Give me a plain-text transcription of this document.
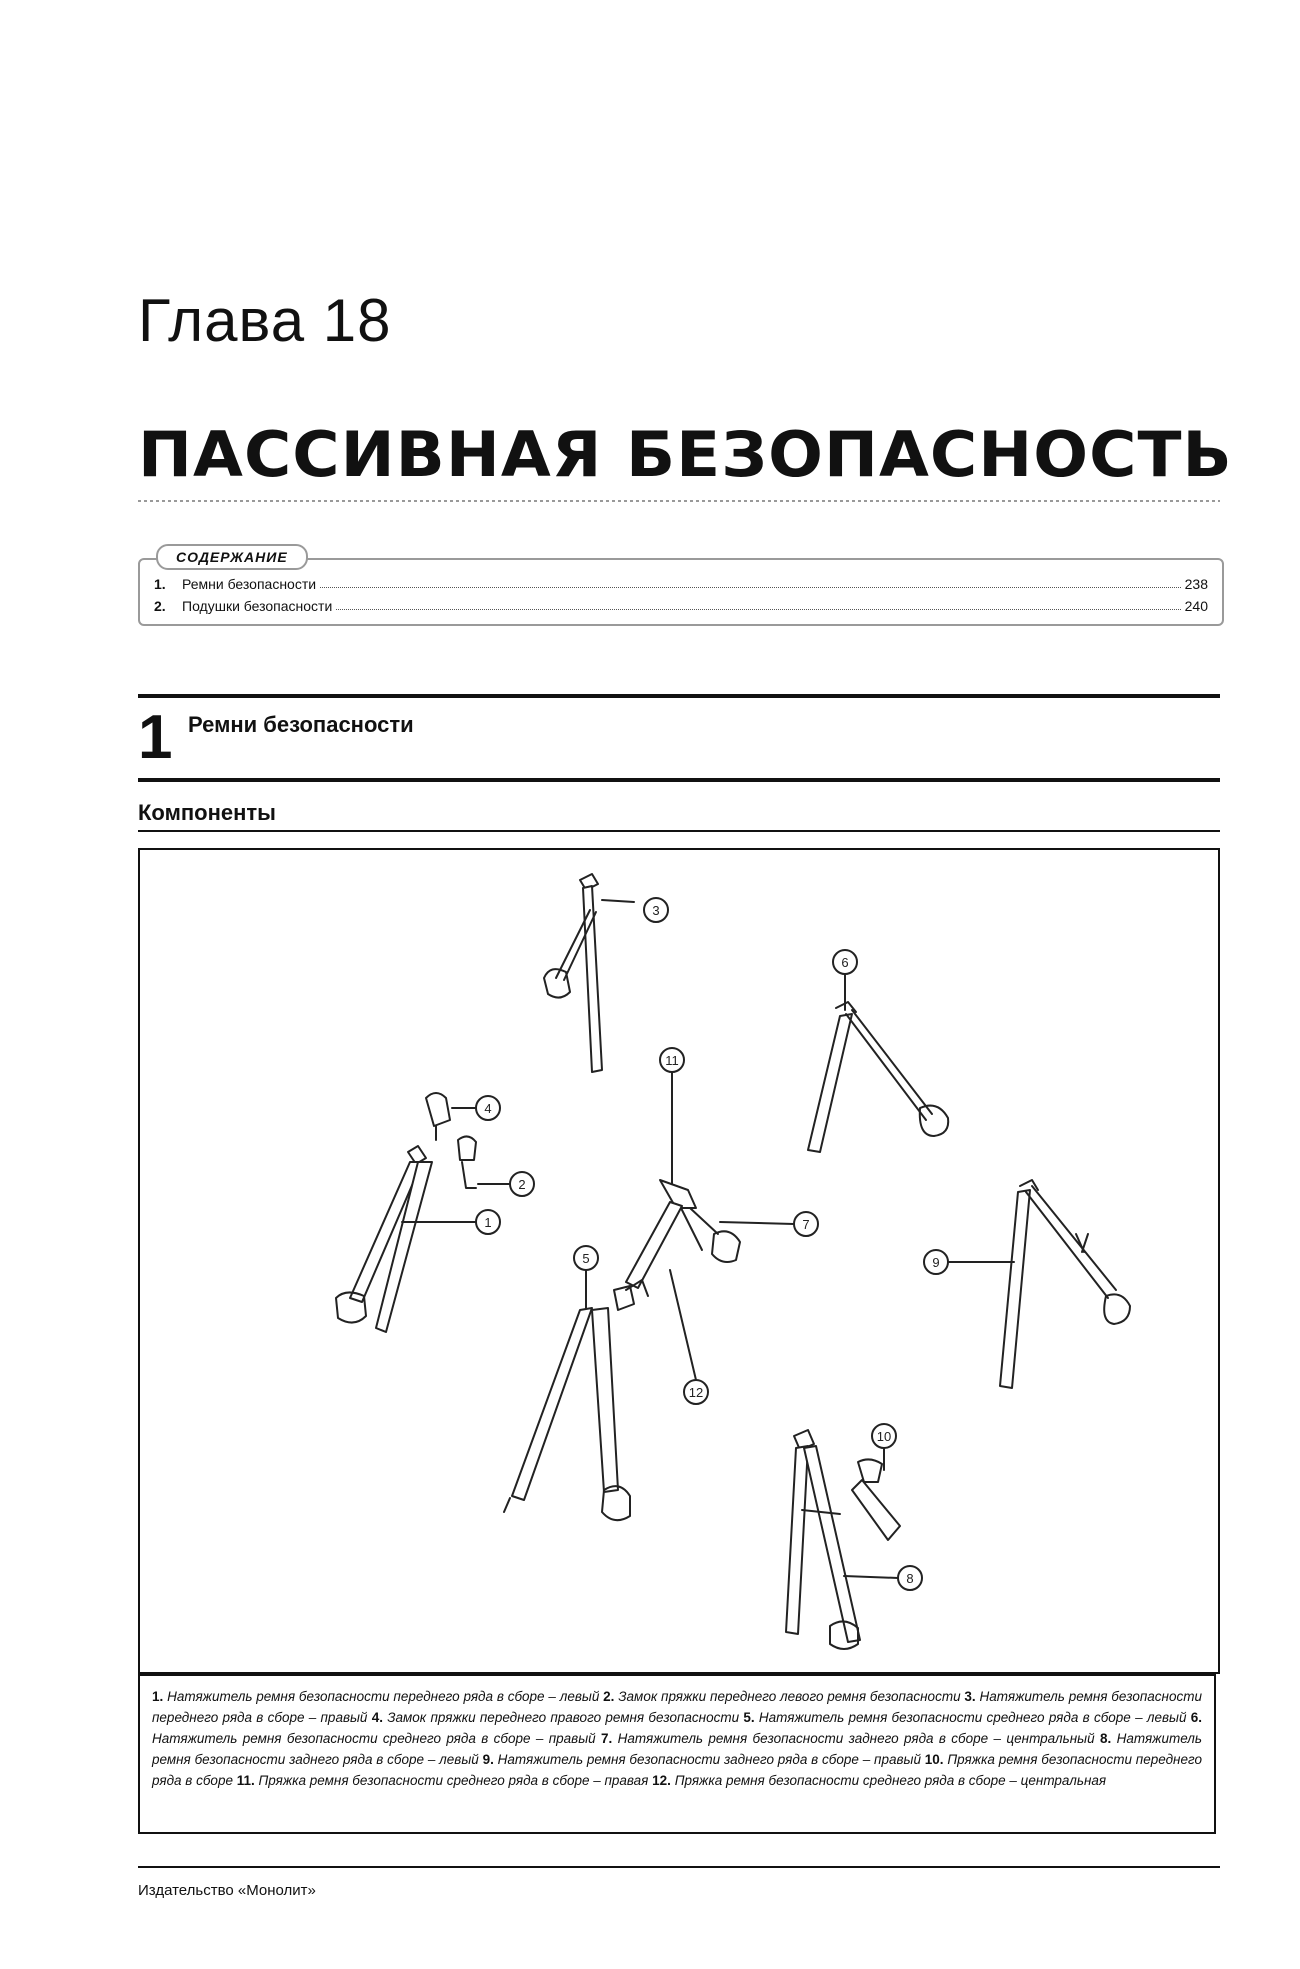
Глава 18
ПАССИВНАЯ БЕЗОПАСНОСТЬ
СОДЕРЖАНИЕ
1.	Ремни безопасности	238
2.	Подушки безопасности	240
1 Ремни безопасности
Компоненты
1
2
3
4
5
6
7
8
9
10
11
12
1. Натяжитель ремня безопасности переднего ряда в сборе – левый 2. Замок пряжки переднего левого ремня безопасности 3. Натяжитель ремня безопасности переднего ряда в сборе – правый 4. Замок пряжки переднего правого ремня безопасности 5. Натяжитель ремня безопасности среднего ряда в сборе – левый 6. Натяжитель ремня безопасности среднего ряда в сборе – правый 7. Натяжитель ремня безопасности заднего ряда в сборе – центральный 8. Натяжитель ремня безопасности заднего ряда в сборе – левый 9. Натяжитель ремня безопасности заднего ряда в сборе – правый 10. Пряжка ремня безопасности переднего ряда в сборе 11. Пряжка ремня безопасности среднего ряда в сборе – правая 12. Пряжка ремня безопасности среднего ряда в сборе – центральная
Издательство «Монолит»
